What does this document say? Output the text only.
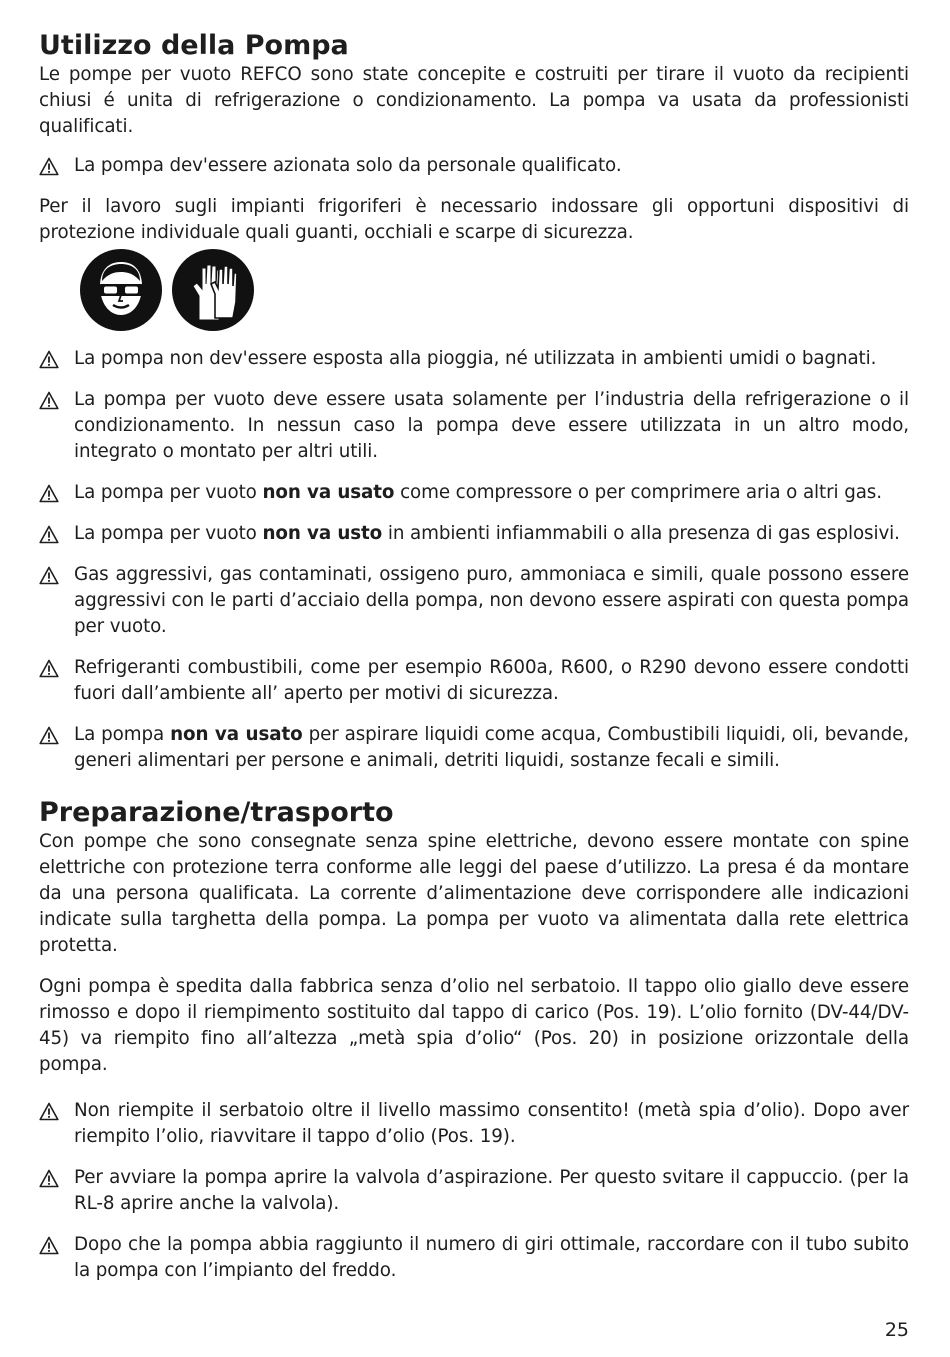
Utilizzo della Pompa

Le pompe per vuoto REFCO sono state concepite e costruiti per tirare il vuoto da recipienti chiusi é unita di refrigerazione o condizionamento. La pompa va usata da professionisti qualificati.

La pompa dev'essere azionata solo da personale qualificato.

Per il lavoro sugli impianti frigoriferi è necessario indossare gli opportuni dispositivi di protezione individuale quali guanti, occhiali e scarpe di sicurezza.

La pompa non dev'essere esposta alla pioggia, né utilizzata in ambienti umidi o bagnati.

La pompa per vuoto deve essere usata solamente per l’industria della refrigerazione o il condizionamento. In nessun caso la pompa deve essere utilizzata in un altro modo, integrato o montato per altri utili.

La pompa per vuoto non va usato come compressore o per comprimere aria o altri gas.

La pompa per vuoto non va usto in ambienti infiammabili o alla presenza di gas esplosivi.

Gas aggressivi, gas contaminati, ossigeno puro, ammoniaca e simili, quale possono essere aggressivi con le parti d’acciaio della pompa, non devono essere aspirati con questa pompa per vuoto.

Refrigeranti combustibili, come per esempio R600a, R600, o R290 devono essere condotti fuori dall’ambiente all’ aperto per motivi di sicurezza.

La pompa non va usato per aspirare liquidi come acqua, Combustibili liquidi, oli, bevande, generi alimentari per persone e animali, detriti liquidi, sostanze fecali e simili.

Preparazione/trasporto

Con pompe che sono consegnate senza spine elettriche, devono essere montate con spine elettriche con protezione terra conforme alle leggi del paese d’utilizzo. La presa é da montare da una persona qualificata. La corrente d’alimentazione deve corrispondere alle indicazioni indicate sulla targhetta della pompa. La pompa per vuoto va alimentata dalla rete elettrica protetta.

Ogni pompa è spedita dalla fabbrica senza d’olio nel serbatoio. Il tappo olio giallo deve essere rimosso e dopo il riempimento sostituito dal tappo di carico (Pos. 19). L’olio fornito (DV-44/DV-45) va riempito fino all’altezza „metà spia d’olio“ (Pos. 20) in posizione orizzontale della pompa.

Non riempite il serbatoio oltre il livello massimo consentito! (metà spia d’olio). Dopo aver riempito l’olio, riavvitare il tappo d’olio (Pos. 19).

Per avviare la pompa aprire la valvola d’aspirazione. Per questo svitare il cappuccio. (per la RL-8 aprire anche la valvola).

Dopo che la pompa abbia raggiunto il numero di giri ottimale, raccordare con il tubo subito la pompa con l’impianto del freddo.

25
